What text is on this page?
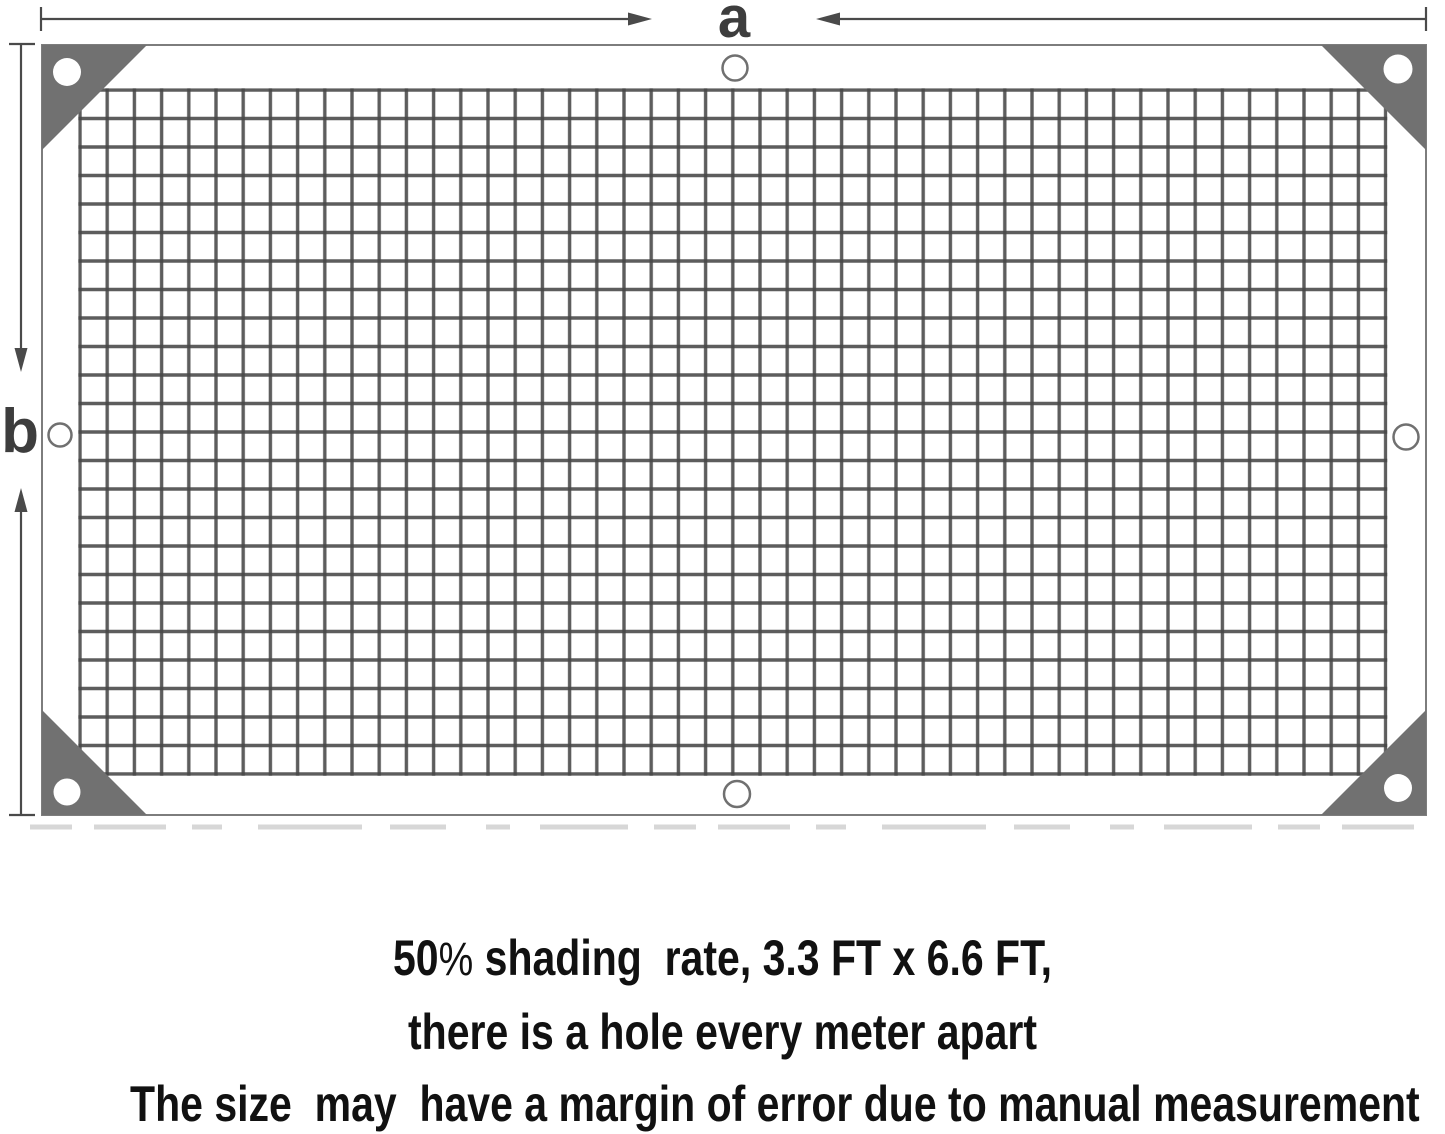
a
b
50% shading  rate, 3.3 FT x 6.6 FT,
there is a hole every meter apart
The size  may  have a margin of error due to manual measurement
